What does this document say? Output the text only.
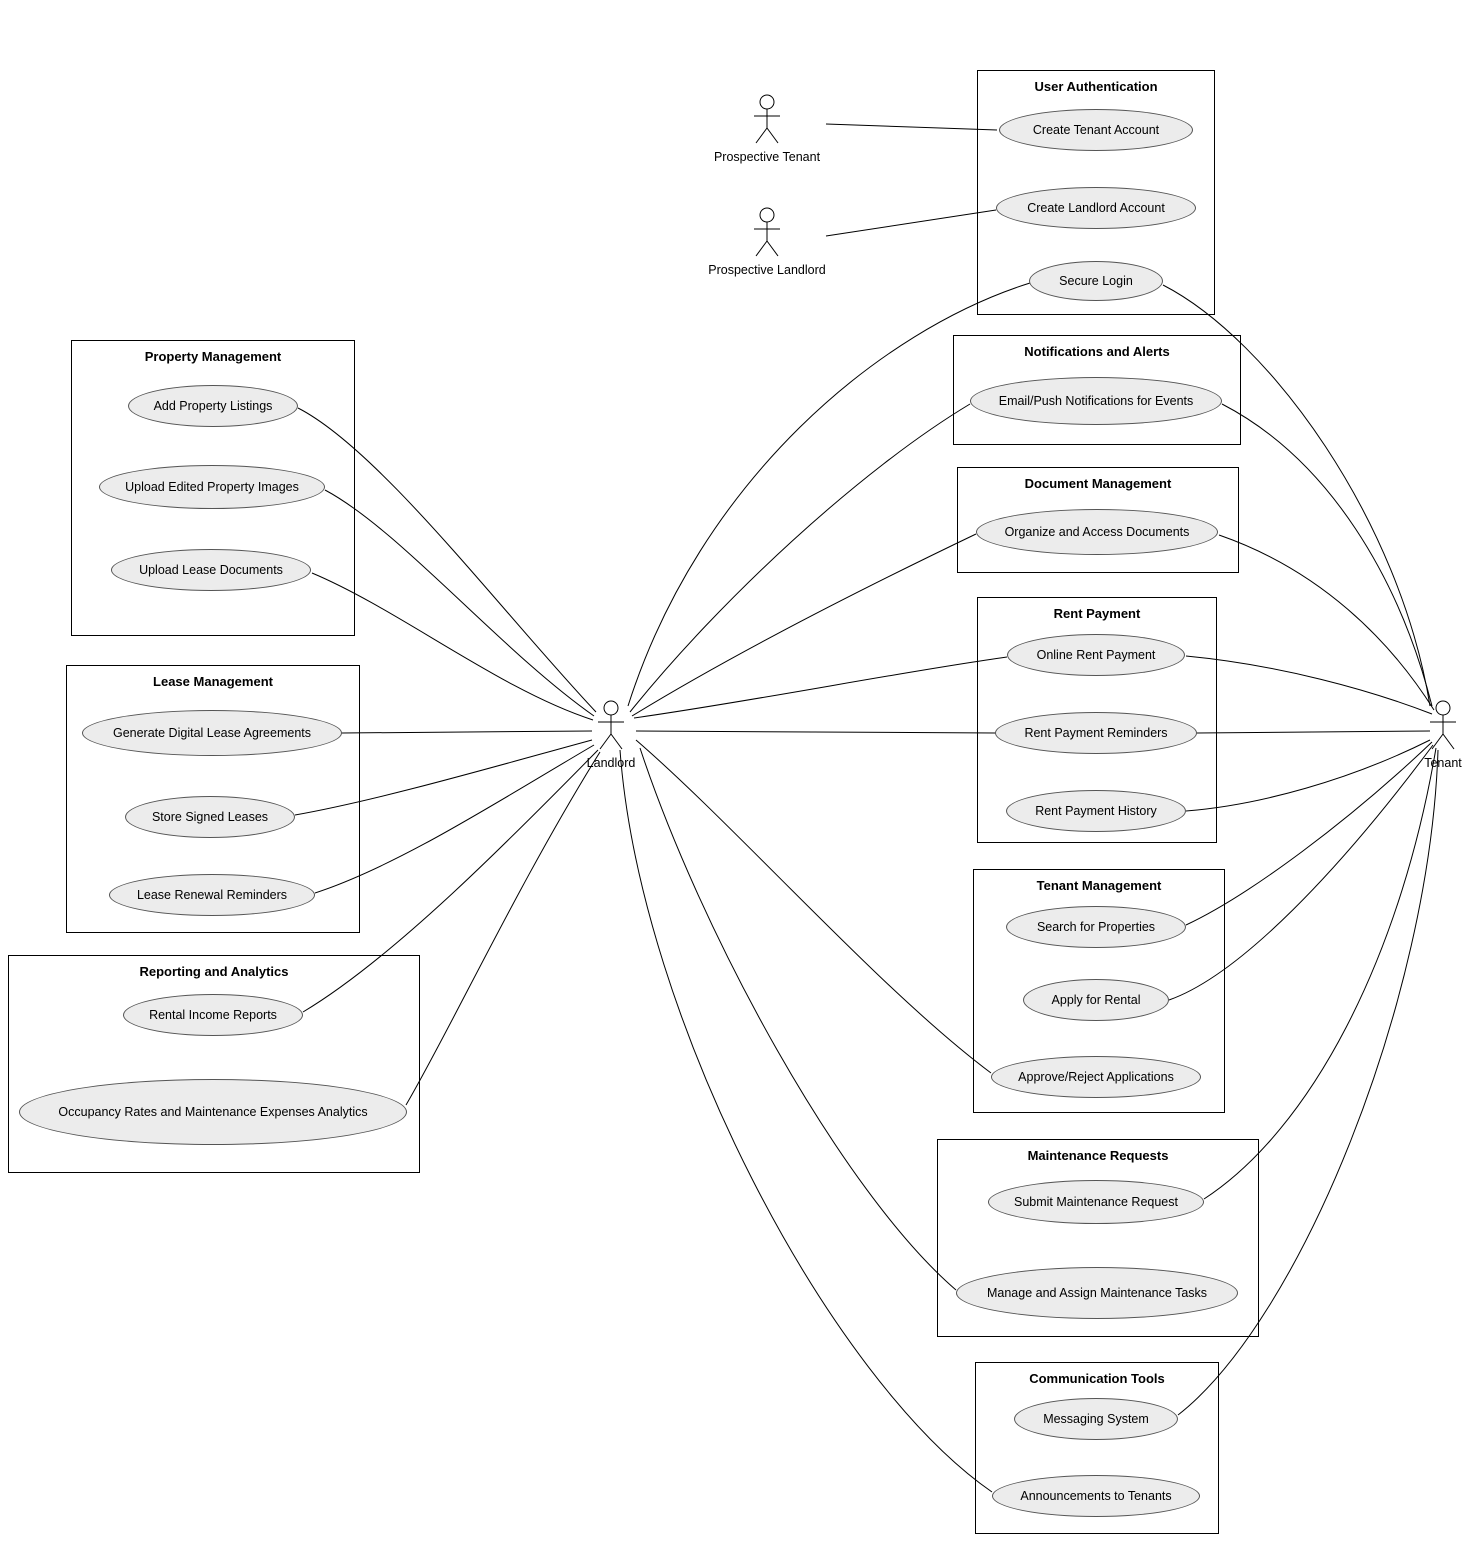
User Authentication
Create Tenant Account
Create Landlord Account
Secure Login
Notifications and Alerts
Email/Push Notifications for Events
Document Management
Organize and Access Documents
Rent Payment
Online Rent Payment
Rent Payment Reminders
Rent Payment History
Tenant Management
Search for Properties
Apply for Rental
Approve/Reject Applications
Maintenance Requests
Submit Maintenance Request
Manage and Assign Maintenance Tasks
Communication Tools
Messaging System
Announcements to Tenants
Property Management
Add Property Listings
Upload Edited Property Images
Upload Lease Documents
Lease Management
Generate Digital Lease Agreements
Store Signed Leases
Lease Renewal Reminders
Reporting and Analytics
Rental Income Reports
Occupancy Rates and Maintenance Expenses Analytics
Prospective Tenant
Prospective Landlord
Landlord	Tenant
